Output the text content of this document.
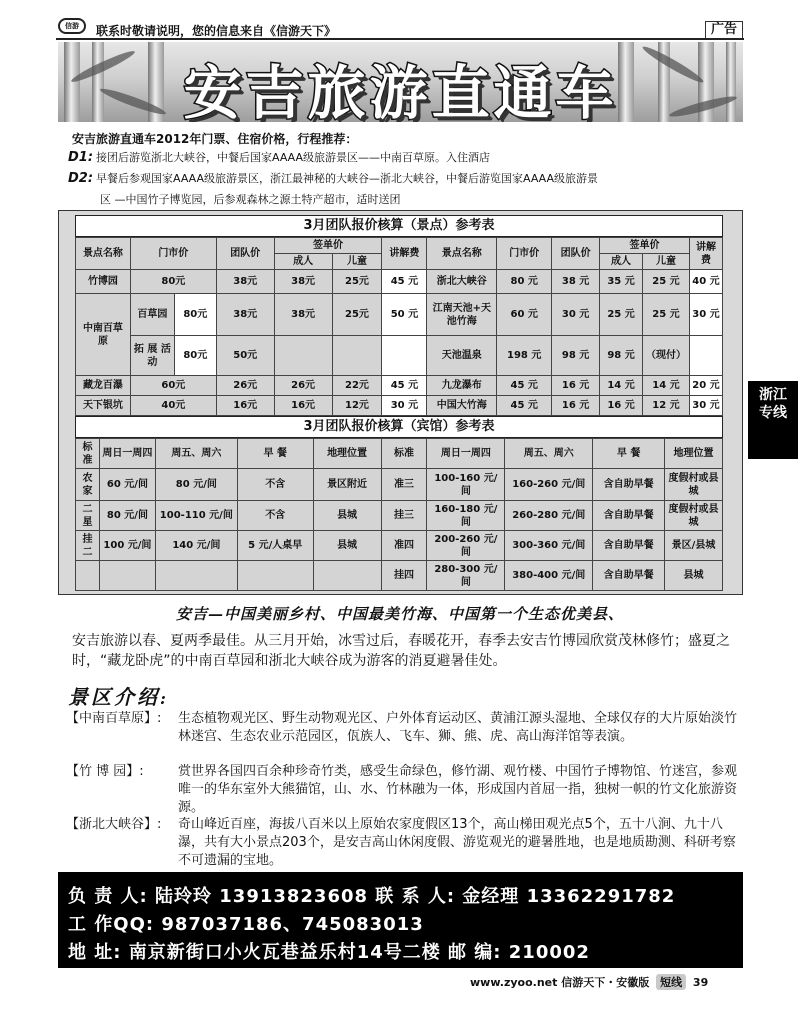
信游	联系时敬请说明，您的信息来自《信游天下》	广告
安吉旅游直通车
安吉旅游直通车2012年门票、住宿价格，行程推荐：
D1: 接团后游览浙北大峡谷，中餐后国家AAAA级旅游景区——中南百草原。入住酒店
D2: 早餐后参观国家AAAA级旅游景区，浙江最神秘的大峡谷—浙北大峡谷，中餐后游览国家AAAA级旅游景
区 —中国竹子博览园，后参观森林之源土特产超市，适时送团
3月团队报价核算（景点）参考表
景点名称	门市价		团队价	签单价		讲解费	景点名称	门市价	团队价	签单价		讲解费
				成人	儿童					成人	儿童	
竹博园	80元		38元	38元	25元	45 元	浙北大峡谷	80 元	38 元	35 元	25 元	40 元
中南百草原	百草园	80元	38元	38元	25元	50 元	江南天池+天池竹海	60 元	30 元	25 元	25 元	30 元
	拓 展 活 动	80元	50元				天池温泉	198 元	98 元	98 元	（现付）	
藏龙百瀑	60元		26元	26元	22元	45 元	九龙瀑布	45 元	16 元	14 元	14 元	20 元
天下银坑	40元		16元	16元	12元	30 元	中国大竹海	45 元	16 元	16 元	12 元	30 元
3月团队报价核算（宾馆）参考表
标准	周日一周四	周五、周六	早 餐	地理位置	标准	周日一周四	周五、周六	早 餐	地理位置
农家	60 元/间	80 元/间	不含	景区附近	准三	100-160 元/间	160-260 元/间	含自助早餐	度假村或县城
二星	80 元/间	100-110 元/间	不含	县城	挂三	160-180 元/间	260-280 元/间	含自助早餐	度假村或县城
挂二	100 元/间	140 元/间	5 元/人桌早	县城	准四	200-260 元/间	300-360 元/间	含自助早餐	景区/县城
					挂四	280-300 元/间	380-400 元/间	含自助早餐	县城
安吉—中国美丽乡村、中国最美竹海、中国第一个生态优美县、
安吉旅游以春、夏两季最佳。从三月开始，冰雪过后，春暖花开，春季去安吉竹博园欣赏茂林修竹；盛夏之时，“藏龙卧虎”的中南百草园和浙北大峡谷成为游客的消夏避暑佳处。
景区介绍:
【中南百草原】:	生态植物观光区、野生动物观光区、户外体育运动区、黄浦江源头湿地、全球仅存的大片原始淡竹林迷宫、生态农业示范园区，佤族人、飞车、狮、熊、虎、高山海洋馆等表演。
【竹 博 园】:	赏世界各国四百余种珍奇竹类，感受生命绿色，修竹湖、观竹楼、中国竹子博物馆、竹迷宫，参观唯一的华东室外大熊猫馆，山、水、竹林融为一体，形成国内首屈一指，独树一帜的竹文化旅游资源。
【浙北大峡谷】:	奇山峰近百座，海拔八百米以上原始农家度假区13个，高山梯田观光点5个，五十八涧、九十八瀑，共有大小景点203个，是安吉高山休闲度假、游览观光的避暑胜地，也是地质勘测、科研考察不可遗漏的宝地。
负 责 人: 陆玲玲 13913823608 联 系 人: 金经理 13362291782
工 作QQ: 987037186、745083013
地 址: 南京新街口小火瓦巷益乐村14号二楼 邮 编: 210002
www.zyoo.net 信游天下・安徽版 短线 39
浙江
专线
